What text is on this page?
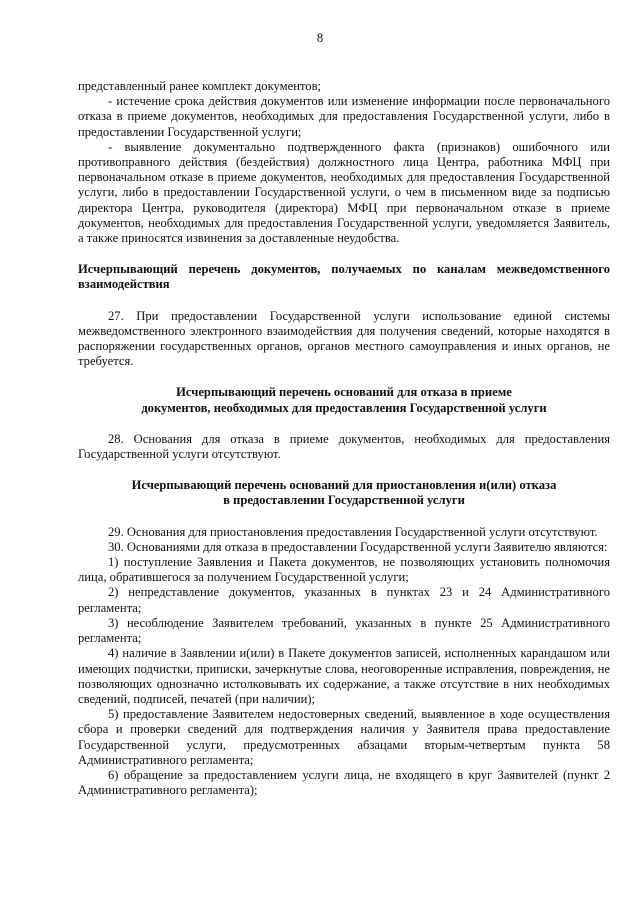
8

представленный ранее комплект документов;

- истечение срока действия документов или изменение информации после первоначального отказа в приеме документов, необходимых для предоставления Государственной услуги, либо в предоставлении Государственной услуги;

- выявление документально подтвержденного факта (признаков) ошибочного или противоправного действия (бездействия) должностного лица Центра, работника МФЦ при первоначальном отказе в приеме документов, необходимых для предоставления Государственной услуги, либо в предоставлении Государственной услуги, о чем в письменном виде за подписью директора Центра, руководителя (директора) МФЦ при первоначальном отказе в приеме документов, необходимых для предоставления Государственной услуги, уведомляется Заявитель, а также приносятся извинения за доставленные неудобства.

Исчерпывающий перечень документов, получаемых по каналам межведомственного взаимодействия

27. При предоставлении Государственной услуги использование единой системы межведомственного электронного взаимодействия для получения сведений, которые находятся в распоряжении государственных органов, органов местного самоуправления и иных органов, не требуется.

Исчерпывающий перечень оснований для отказа в приеме
документов, необходимых для предоставления Государственной услуги

28. Основания для отказа в приеме документов, необходимых для предоставления Государственной услуги отсутствуют.

Исчерпывающий перечень оснований для приостановления и(или) отказа
в предоставлении Государственной услуги

29. Основания для приостановления предоставления Государственной услуги отсутствуют.

30. Основаниями для отказа в предоставлении Государственной услуги Заявителю являются:

1) поступление Заявления и Пакета документов, не позволяющих установить полномочия лица, обратившегося за получением Государственной услуги;

2) непредставление документов, указанных в пунктах 23 и 24 Административного регламента;

3) несоблюдение Заявителем требований, указанных в пункте 25 Административного регламента;

4) наличие в Заявлении и(или) в Пакете документов записей, исполненных карандашом или имеющих подчистки, приписки, зачеркнутые слова, неоговоренные исправления, повреждения, не позволяющих однозначно истолковывать их содержание, а также отсутствие в них необходимых сведений, подписей, печатей (при наличии);

5) предоставление Заявителем недостоверных сведений, выявленное в ходе осуществления сбора и проверки сведений для подтверждения наличия у Заявителя права предоставление Государственной услуги, предусмотренных абзацами вторым-четвертым пункта 58 Административного регламента;

6) обращение за предоставлением услуги лица, не входящего в круг Заявителей (пункт 2 Административного регламента);
